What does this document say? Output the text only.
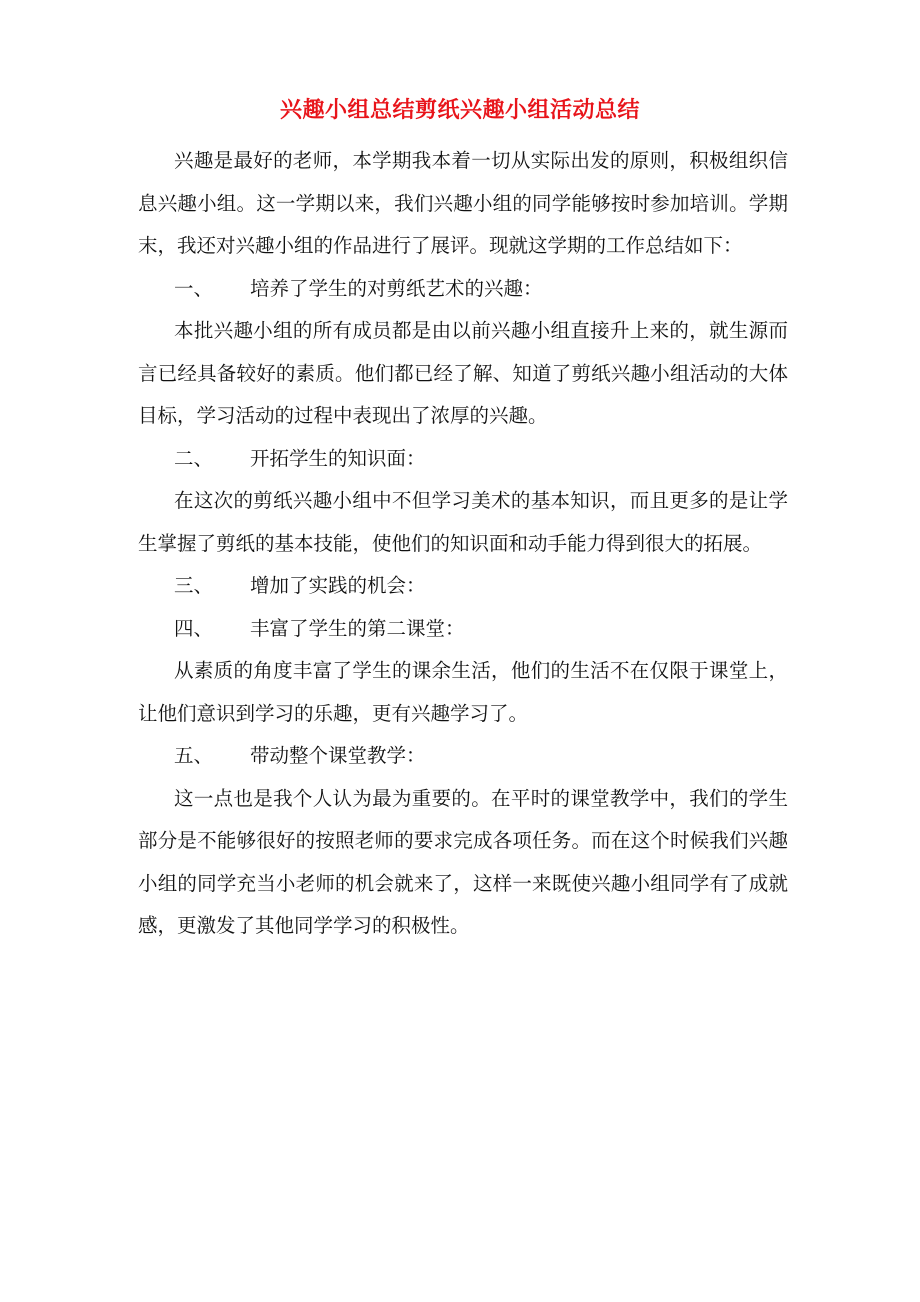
兴趣小组总结剪纸兴趣小组活动总结

兴趣是最好的老师，本学期我本着一切从实际出发的原则，积极组织信息兴趣小组。这一学期以来，我们兴趣小组的同学能够按时参加培训。学期末，我还对兴趣小组的作品进行了展评。现就这学期的工作总结如下：

一、 培养了学生的对剪纸艺术的兴趣：

本批兴趣小组的所有成员都是由以前兴趣小组直接升上来的，就生源而言已经具备较好的素质。他们都已经了解、知道了剪纸兴趣小组活动的大体目标，学习活动的过程中表现出了浓厚的兴趣。

二、 开拓学生的知识面：

在这次的剪纸兴趣小组中不但学习美术的基本知识，而且更多的是让学生掌握了剪纸的基本技能，使他们的知识面和动手能力得到很大的拓展。

三、 增加了实践的机会：

四、 丰富了学生的第二课堂：

从素质的角度丰富了学生的课余生活，他们的生活不在仅限于课堂上，让他们意识到学习的乐趣，更有兴趣学习了。

五、 带动整个课堂教学：

这一点也是我个人认为最为重要的。在平时的课堂教学中，我们的学生部分是不能够很好的按照老师的要求完成各项任务。而在这个时候我们兴趣小组的同学充当小老师的机会就来了，这样一来既使兴趣小组同学有了成就感，更激发了其他同学学习的积极性。
